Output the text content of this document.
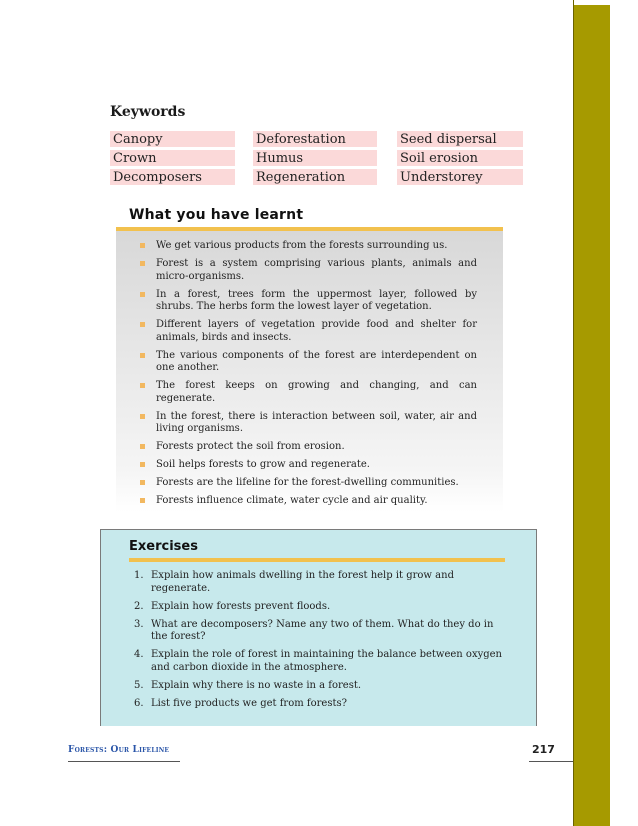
Keywords
Canopy
Crown
Decomposers
Deforestation
Humus
Regeneration
Seed dispersal
Soil erosion
Understorey
What you have learnt
We get various products from the forests surrounding us.
Forest is a system comprising various plants, animals and micro-organisms.
In a forest, trees form the uppermost layer, followed by shrubs. The herbs form the lowest layer of vegetation.
Different layers of vegetation provide food and shelter for animals, birds and insects.
The various components of the forest are interdependent on one another.
The forest keeps on growing and changing, and can regenerate.
In the forest, there is interaction between soil, water, air and living organisms.
Forests protect the soil from erosion.
Soil helps forests to grow and regenerate.
Forests are the lifeline for the forest-dwelling communities.
Forests influence climate, water cycle and air quality.
Exercises
1. Explain how animals dwelling in the forest help it grow and regenerate.
2. Explain how forests prevent floods.
3. What are decomposers? Name any two of them. What do they do in the forest?
4. Explain the role of forest in maintaining the balance between oxygen and carbon dioxide in the atmosphere.
5. Explain why there is no waste in a forest.
6. List five products we get from forests?
Forests: Our Lifeline	217
